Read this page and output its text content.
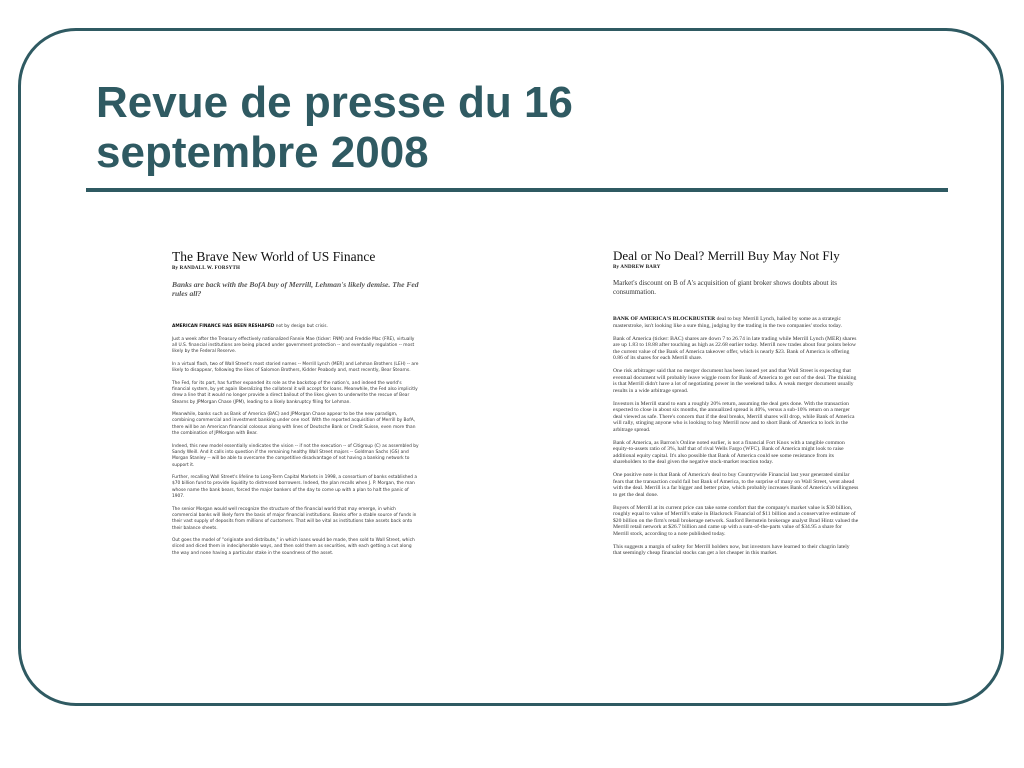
Revue de presse du 16 septembre 2008

The Brave New World of US Finance

By RANDALL W. FORSYTH

Banks are back with the BofA buy of Merrill, Lehman's likely demise. The Fed rules all?

AMERICAN FINANCE HAS BEEN RESHAPED not by design but crisis.

Just a week after the Treasury effectively nationalized Fannie Mae (ticker: FNM) and Freddie Mac (FRE), virtually all U.S. financial institutions are being placed under government protection -- and eventually regulation -- most likely by the Federal Reserve.

In a virtual flash, two of Wall Street's most storied names -- Merrill Lynch (MER) and Lehman Brothers (LEH) -- are likely to disappear, following the likes of Salomon Brothers, Kidder Peabody and, most recently, Bear Stearns.

The Fed, for its part, has further expanded its role as the backstop of the nation's, and indeed the world's financial system, by yet again liberalizing the collateral it will accept for loans. Meanwhile, the Fed also implicitly drew a line that it would no longer provide a direct bailout of the likes given to underwrite the rescue of Bear Stearns by JPMorgan Chase (JPM), leading to a likely bankruptcy filing for Lehman.

Meanwhile, banks such as Bank of America (BAC) and JPMorgan Chase appear to be the new paradigm, combining commercial and investment banking under one roof. With the reported acquisition of Merrill by BofA, there will be an American financial colossus along with lines of Deutsche Bank or Credit Suisse, even more than the combination of JPMorgan with Bear.

Indeed, this new model essentially vindicates the vision -- if not the execution -- of Citigroup (C) as assembled by Sandy Weill. And it calls into question if the remaining healthy Wall Street majors -- Goldman Sachs (GS) and Morgan Stanley -- will be able to overcome the competitive disadvantage of not having a banking network to support it.

Further, recalling Wall Street's lifeline to Long-Term Capital Markets in 1998, a consortium of banks established a $70 billion fund to provide liquidity to distressed borrowers. Indeed, the plan recalls when J. P. Morgan, the man whose name the bank bears, forced the major bankers of the day to come up with a plan to halt the panic of 1907.

The senior Morgan would well recognize the structure of the financial world that may emerge, in which commercial banks will likely form the basis of major financial institutions. Banks offer a stable source of funds in their vast supply of deposits from millions of customers. That will be vital as institutions take assets back onto their balance sheets.

Out goes the model of "originate and distribute," in which loans would be made, then sold to Wall Street, which sliced and diced them in indecipherable ways, and then sold them as securities, with each getting a cut along the way and none having a particular stake in the soundness of the asset.

Deal or No Deal? Merrill Buy May Not Fly

By ANDREW BARY

Market's discount on B of A's acquisition of giant broker shows doubts about its consummation.

BANK OF AMERICA'S BLOCKBUSTER deal to buy Merrill Lynch, hailed by some as a strategic masterstroke, isn't looking like a sure thing, judging by the trading in the two companies' stocks today.

Bank of America (ticker: BAC) shares are down 7 to 26.74 in late trading while Merrill Lynch (MER) shares are up 1.83 to 18.88 after touching as high as 22.68 earlier today. Merrill now trades about four points below the current value of the Bank of America takeover offer, which is nearly $23. Bank of America is offering 0.86 of its shares for each Merrill share.

One risk arbitrager said that no merger document has been issued yet and that Wall Street is expecting that eventual document will probably leave wiggle room for Bank of America to get out of the deal. The thinking is that Merrill didn't have a lot of negotiating power in the weekend talks. A weak merger document usually results in a wide arbitrage spread.

Investors in Merrill stand to earn a roughly 20% return, assuming the deal gets done. With the transaction expected to close in about six months, the annualized spread is 40%, versus a sub-10% return on a merger deal viewed as safe. There's concern that if the deal breaks, Merrill shares will drop, while Bank of America will rally, stinging anyone who is looking to buy Merrill now and to short Bank of America to lock in the arbitrage spread.

Bank of America, as Barron's Online noted earlier, is not a financial Fort Knox with a tangible common equity-to-assets ratio of 3%, half that of rival Wells Fargo (WFC). Bank of America might look to raise additional equity capital. It's also possible that Bank of America could see some resistance from its shareholders to the deal given the negative stock-market reaction today.

One positive note is that Bank of America's deal to buy Countrywide Financial last year generated similar fears that the transaction could fail but Bank of America, to the surprise of many on Wall Street, went ahead with the deal. Merrill is a far bigger and better prize, which probably increases Bank of America's willingness to get the deal done.

Buyers of Merrill at its current price can take some comfort that the company's market value is $30 billion, roughly equal to value of Merrill's stake in Blackrock Financial of $11 billion and a conservative estimate of $20 billion on the firm's retail brokerage network. Sanford Bernstein brokerage analyst Brad Hintz valued the Merrill retail network at $26.7 billion and came up with a sum-of-the-parts value of $34.95 a share for Merrill stock, according to a note published today.

This suggests a margin of safety for Merrill holders now, but investors have learned to their chagrin lately that seemingly cheap financial stocks can get a lot cheaper in this market.
